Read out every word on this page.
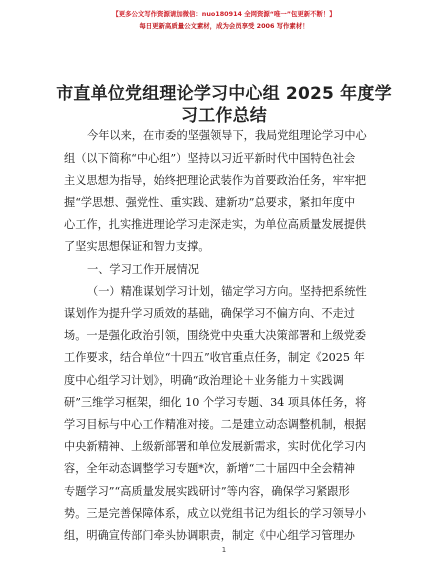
【更多公文写作资源请加微信：nuo180914 全网资源“唯一”包更新不断！】
每日更新高质量公文素材，成为会员享受 2006 写作素材！
市直单位党组理论学习中心组 2025 年度学习工作总结
今年以来，在市委的坚强领导下，我局党组理论学习中心
组（以下简称“中心组”）坚持以习近平新时代中国特色社会
主义思想为指导，始终把理论武装作为首要政治任务，牢牢把
握“学思想、强党性、重实践、建新功”总要求，紧扣年度中
心工作，扎实推进理论学习走深走实，为单位高质量发展提供
了坚实思想保证和智力支撑。
一、学习工作开展情况
（一）精准谋划学习计划，锚定学习方向。坚持把系统性
谋划作为提升学习质效的基础，确保学习不偏方向、不走过
场。一是强化政治引领，围绕党中央重大决策部署和上级党委
工作要求，结合单位“十四五”收官重点任务，制定《2025 年
度中心组学习计划》，明确“政治理论＋业务能力＋实践调
研”三维学习框架，细化 10 个学习专题、34 项具体任务，将
学习目标与中心工作精准对接。二是建立动态调整机制，根据
中央新精神、上级新部署和单位发展新需求，实时优化学习内
容，全年动态调整学习专题*次，新增“二十届四中全会精神
专题学习”“高质量发展实践研讨”等内容，确保学习紧跟形
势。三是完善保障体系，成立以党组书记为组长的学习领导小
组，明确宣传部门牵头协调职责，制定《中心组学习管理办
1
